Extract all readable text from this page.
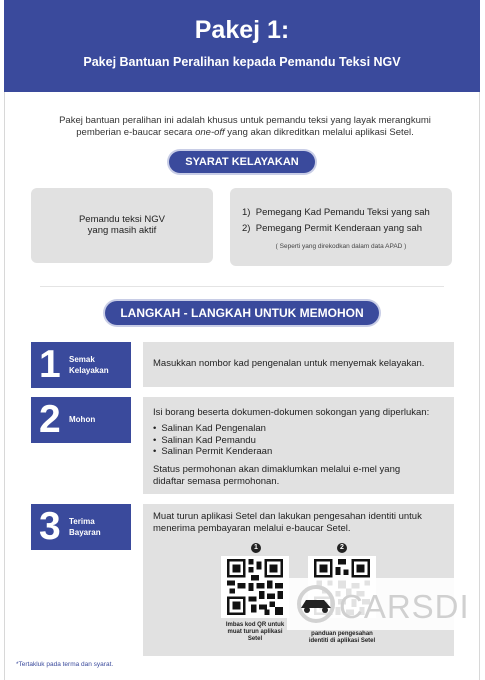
Pakej 1:
Pakej Bantuan Peralihan kepada Pemandu Teksi NGV
Pakej bantuan peralihan ini adalah khusus untuk pemandu teksi yang layak merangkumi
pemberian e-baucar secara one-off yang akan dikreditkan melalui aplikasi Setel.
SYARAT KELAYAKAN
Pemandu teksi NGV
yang masih aktif
1) Pemegang Kad Pemandu Teksi yang sah
2) Pemegang Permit Kenderaan yang sah
( Seperti yang direkodkan dalam data APAD )
LANGKAH - LANGKAH UNTUK MEMOHON
1 Semak
Kelayakan
Masukkan nombor kad pengenalan untuk menyemak kelayakan.
2 Mohon
Isi borang beserta dokumen-dokumen sokongan yang diperlukan:
• Salinan Kad Pengenalan
• Salinan Kad Pemandu
• Salinan Permit Kenderaan
Status permohonan akan dimaklumkan melalui e-mel yang
didaftar semasa permohonan.
3 Terima
Bayaran
Muat turun aplikasi Setel dan lakukan pengesahan identiti untuk
menerima pembayaran melalui e-baucar Setel.
1
Imbas kod QR untuk
muat turun aplikasi
Setel
2
panduan pengesahan
identiti di aplikasi Setel
CARSDI
*Tertakluk pada terma dan syarat.
